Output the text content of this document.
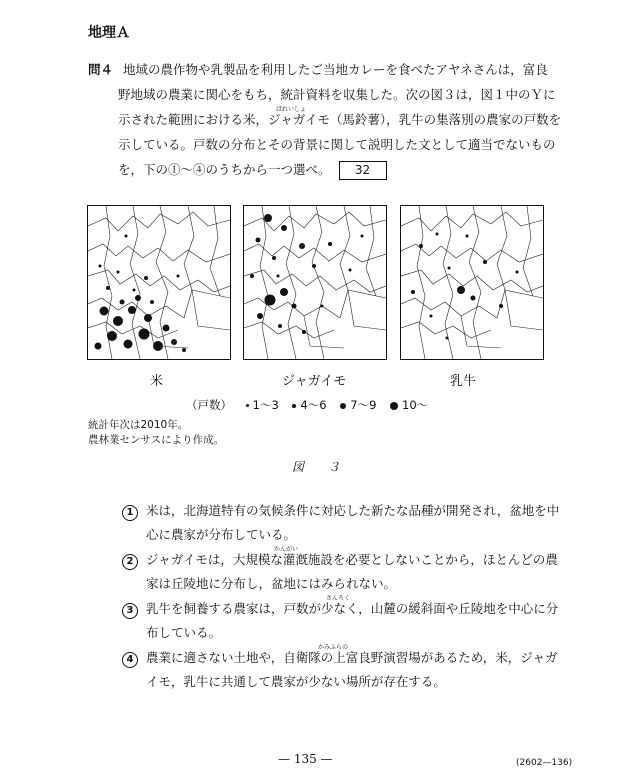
地理Ａ
問４ 地域の農作物や乳製品を利用したご当地カレーを食べたアヤネさんは，富良
野地域の農業に関心をもち，統計資料を収集した。次の図３は，図１中のＹに
ばれいしょ
示された範囲における米，ジャガイモ（馬鈴薯），乳牛の集落別の農家の戸数を
示している。戸数の分布とその背景に関して説明した文として適当でないもの
を，下の①～④のうちから一つ選べ。 32
米	ジャガイモ	乳牛
（戸数） 1～3 4～6 7～9 10～
統計年次は2010年。
農林業センサスにより作成。
図　３
1 米は，北海道特有の気候条件に対応した新たな品種が開発され，盆地を中
心に農家が分布している。
かんがい
2 ジャガイモは，大規模な灌漑施設を必要としないことから，ほとんどの農
家は丘陵地に分布し，盆地にはみられない。
さんろく
3 乳牛を飼養する農家は，戸数が少なく，山麓の緩斜面や丘陵地を中心に分
布している。
かみふらの
4 農業に適さない土地や，自衛隊の上富良野演習場があるため，米，ジャガ
イモ，乳牛に共通して農家が少ない場所が存在する。
— 135 —	(2602—136)
